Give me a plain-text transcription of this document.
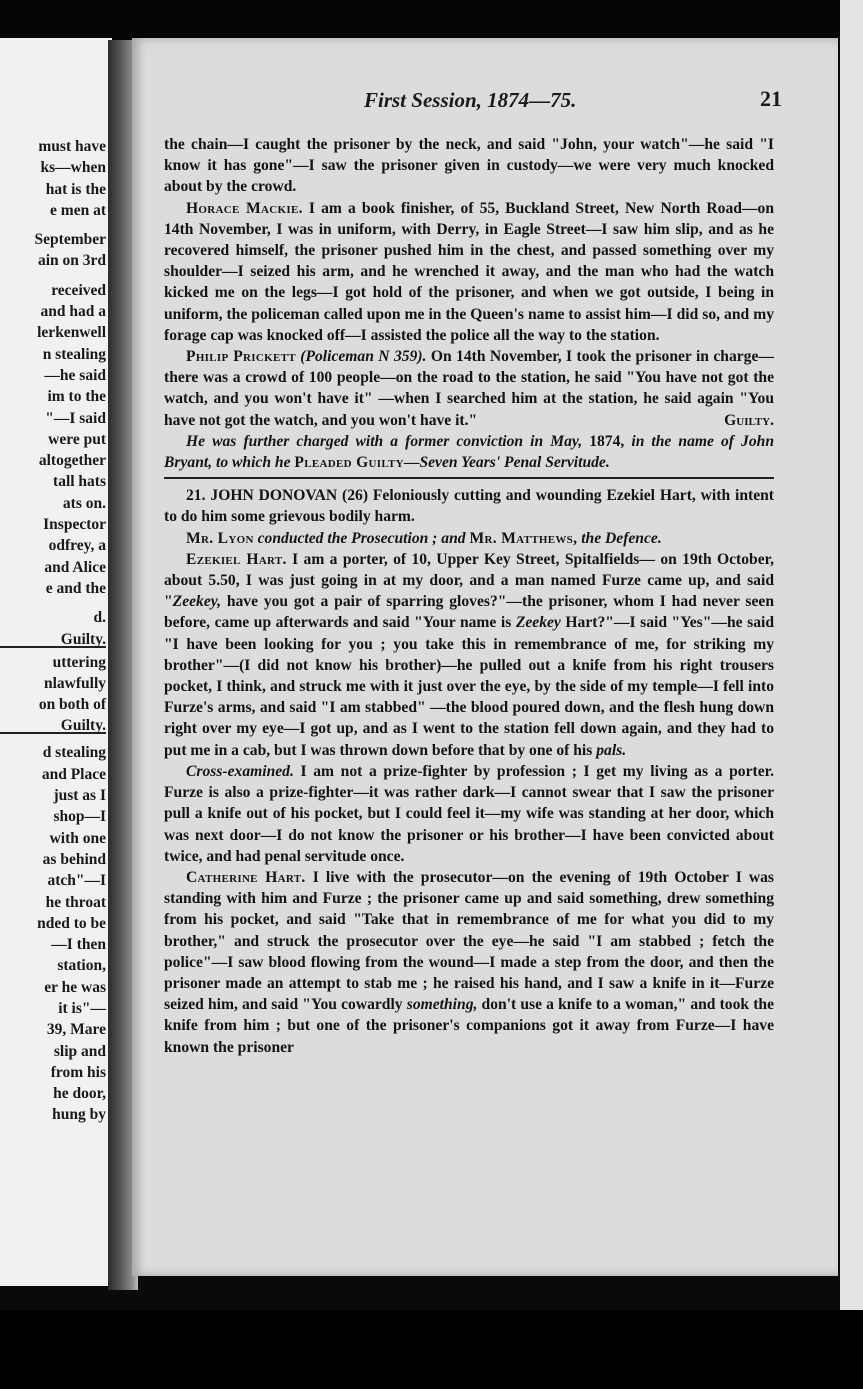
must have
ks—when
hat is the
e men at
September
ain on 3rd
received
and had a
lerkenwell
n stealing
—he said
im to the
"—I said
were put
altogether
tall hats
ats on.
Inspector
odfrey, a
and Alice
e and the
d.
Guilty.
uttering
nlawfully
on both of
Guilty.
d stealing
and Place
just as I
shop—I
with one
as behind
atch"—I
he throat
nded to be
—I then
station,
er he was
it is"—
39, Mare
slip and
from his
he door,
hung by
First Session, 1874—75.	21

the chain—I caught the prisoner by the neck, and said "John, your watch"—he said "I know it has gone"—I saw the prisoner given in custody—we were very much knocked about by the crowd.

Horace Mackie. I am a book finisher, of 55, Buckland Street, New North Road—on 14th November, I was in uniform, with Derry, in Eagle Street—I saw him slip, and as he recovered himself, the prisoner pushed him in the chest, and passed something over my shoulder—I seized his arm, and he wrenched it away, and the man who had the watch kicked me on the legs—I got hold of the prisoner, and when we got outside, I being in uniform, the policeman called upon me in the Queen's name to assist him—I did so, and my forage cap was knocked off—I assisted the police all the way to the station.

Philip Prickett (Policeman N 359). On 14th November, I took the prisoner in charge—there was a crowd of 100 people—on the road to the station, he said "You have not got the watch, and you won't have it" —when I searched him at the station, he said again "You have not got the watch, and you won't have it."	Guilty.

He was further charged with a former conviction in May, 1874, in the name of John Bryant, to which he Pleaded Guilty—Seven Years' Penal Servitude.

21. JOHN DONOVAN (26) Feloniously cutting and wounding Ezekiel Hart, with intent to do him some grievous bodily harm.

Mr. Lyon conducted the Prosecution ; and Mr. Matthews, the Defence.

Ezekiel Hart. I am a porter, of 10, Upper Key Street, Spitalfields— on 19th October, about 5.50, I was just going in at my door, and a man named Furze came up, and said "Zeekey, have you got a pair of sparring gloves?"—the prisoner, whom I had never seen before, came up afterwards and said "Your name is Zeekey Hart?"—I said "Yes"—he said "I have been looking for you ; you take this in remembrance of me, for striking my brother"—(I did not know his brother)—he pulled out a knife from his right trousers pocket, I think, and struck me with it just over the eye, by the side of my temple—I fell into Furze's arms, and said "I am stabbed" —the blood poured down, and the flesh hung down right over my eye—I got up, and as I went to the station fell down again, and they had to put me in a cab, but I was thrown down before that by one of his pals.

Cross-examined. I am not a prize-fighter by profession ; I get my living as a porter. Furze is also a prize-fighter—it was rather dark—I cannot swear that I saw the prisoner pull a knife out of his pocket, but I could feel it—my wife was standing at her door, which was next door—I do not know the prisoner or his brother—I have been convicted about twice, and had penal servitude once.

Catherine Hart. I live with the prosecutor—on the evening of 19th October I was standing with him and Furze ; the prisoner came up and said something, drew something from his pocket, and said "Take that in remembrance of me for what you did to my brother," and struck the prosecutor over the eye—he said "I am stabbed ; fetch the police"—I saw blood flowing from the wound—I made a step from the door, and then the prisoner made an attempt to stab me ; he raised his hand, and I saw a knife in it—Furze seized him, and said "You cowardly something, don't use a knife to a woman," and took the knife from him ; but one of the prisoner's companions got it away from Furze—I have known the prisoner
